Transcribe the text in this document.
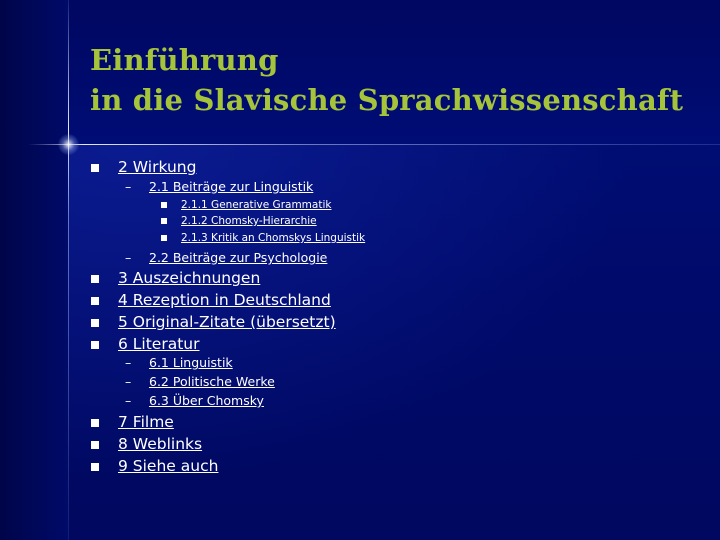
Einführung
in die Slavische Sprachwissenschaft
2 Wirkung
– 2.1 Beiträge zur Linguistik
2.1.1 Generative Grammatik
2.1.2 Chomsky-Hierarchie
2.1.3 Kritik an Chomskys Linguistik
– 2.2 Beiträge zur Psychologie
3 Auszeichnungen
4 Rezeption in Deutschland
5 Original-Zitate (übersetzt)
6 Literatur
– 6.1 Linguistik
– 6.2 Politische Werke
– 6.3 Über Chomsky
7 Filme
8 Weblinks
9 Siehe auch
